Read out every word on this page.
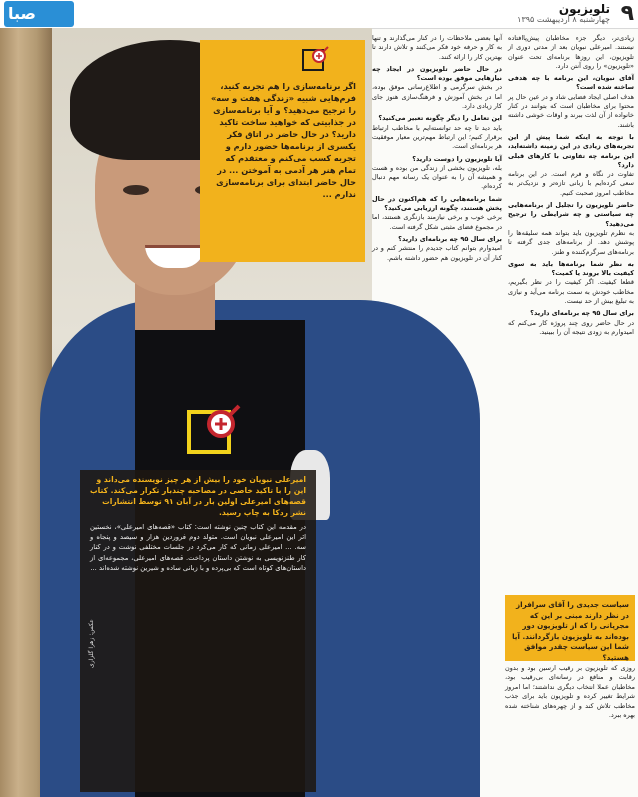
صبا	۹
تلویزیون
چهارشنبه ۸ اردیبهشت ۱۳۹۵
اگر برنامه‌سازی را هم تجربه کنید، فرم‌هایی شبیه «زندگی هفت و سه» را ترجیح می‌دهید؟ و آیا برنامه‌سازی در جذابیتی که خواهید ساخت تاکید دارید؟ در حال حاضر در اتاق فکر یکسری از برنامه‌ها حضور دارم و تجربه کسب می‌کنم و معتقدم که تمام هنر هر آدمی به آموختن ... در حال حاضر ابتدای برای برنامه‌سازی ندارم ...
امیرعلی نبویان خود را بیش از هر چیز نویسنده می‌داند و این را با تاکید خاصی در مصاحبه چندبار تکرار می‌کند. کتاب قصه‌های امیرعلی اولین بار در آبان ۹۱ توسط انتشارات نشر ردکا به چاپ رسید.
در مقدمه این کتاب چنین نوشته است: کتاب «قصه‌های امیرعلی»، نخستین اثر این امیرعلی نبویان است. متولد دوم فروردین هزار و سیصد و پنجاه و سه. ... امیرعلی زمانی که کار می‌کرد در جلسات مختلفی نوشت و در کنار کار طنزنویسی به نوشتن داستان پرداخت. قصه‌های امیرعلی، مجموعه‌ای از داستان‌های کوتاه است که بی‌پرده و با زبانی ساده و شیرین نوشته شده‌اند ...
عکس: زهرا گلزاری
زیادی‌تر، دیگر جزء مخاطبان پیش‌پاافتاده نیستند. امیرعلی نبویان بعد از مدتی دوری از تلویزیون، این روزها برنامه‌ای تحت عنوان «تلویزیون» را روی آنتن دارد.
آقای نبویان، این برنامه با چه هدفی ساخته شده است؟
هدف اصلی ایجاد فضایی شاد و در عین حال پر محتوا برای مخاطبان است که بتوانند در کنار خانواده از آن لذت ببرند و اوقات خوشی داشته باشند.
با توجه به اینکه شما پیش از این تجربه‌های زیادی در این زمینه داشته‌اید، این برنامه چه تفاوتی با کارهای قبلی دارد؟
تفاوت در نگاه و فرم است. در این برنامه سعی کرده‌ایم با زبانی تازه‌تر و نزدیک‌تر به مخاطب امروز صحبت کنیم.
حاضر تلویزیون را تجلیل از برنامه‌هایی چه سیاستی و چه شرایطی را ترجیح می‌دهید؟
به نظرم تلویزیون باید بتواند همه سلیقه‌ها را پوشش دهد. از برنامه‌های جدی گرفته تا برنامه‌های سرگرم‌کننده و طنز.
به نظر شما برنامه‌ها باید به سوی کیفیت بالا بروند یا کمیت؟
قطعا کیفیت. اگر کیفیت را در نظر بگیریم، مخاطب خودش به سمت برنامه می‌آید و نیازی به تبلیغ بیش از حد نیست.
برای سال ۹۵ چه برنامه‌ای دارید؟
در حال حاضر روی چند پروژه کار می‌کنم که امیدوارم به زودی نتیجه آن را ببینید.
آنها بعضی ملاحظات را در کنار می‌گذارند و تنها به کار و حرفه خود فکر می‌کنند و تلاش دارند تا بهترین کار را ارائه کنند.
در حال حاضر تلویزیون در ایجاد چه نیازهایی موفق بوده است؟
در بخش سرگرمی و اطلاع‌رسانی موفق بوده، اما در بخش آموزش و فرهنگ‌سازی هنوز جای کار زیادی دارد.
این تعامل را دیگر چگونه تعبیر می‌کنید؟
باید دید تا چه حد توانسته‌ایم با مخاطب ارتباط برقرار کنیم؛ این ارتباط مهم‌ترین معیار موفقیت هر برنامه‌ای است.
آیا تلویزیون را دوست دارید؟
بله، تلویزیون بخشی از زندگی من بوده و هست و همیشه آن را به عنوان یک رسانه مهم دنبال کرده‌ام.
شما برنامه‌هایی را که هم‌اکنون در حال پخش هستند، چگونه ارزیابی می‌کنید؟
برخی خوب و برخی نیازمند بازنگری هستند، اما در مجموع فضای مثبتی شکل گرفته است.
برای سال ۹۵ چه برنامه‌ای دارید؟
امیدوارم بتوانم کتاب جدیدم را منتشر کنم و در کنار آن در تلویزیون هم حضور داشته باشم.
سیاست جدیدی را آقای سرافراز در نظر دارند مبنی بر این که مجریانی را که از تلویزیون دور بوده‌اند به تلویزیون بازگردانند. آیا شما این سیاست چقدر موافق هستید؟
روزی که تلویزیون بر رقیب ارسین بود و بدون رقابت و منافع در رسانه‌ای بی‌رقیب بود، مخاطبان عملا انتخاب دیگری نداشتند؛ اما امروز شرایط تغییر کرده و تلویزیون باید برای جذب مخاطب تلاش کند و از چهره‌های شناخته شده بهره ببرد.
